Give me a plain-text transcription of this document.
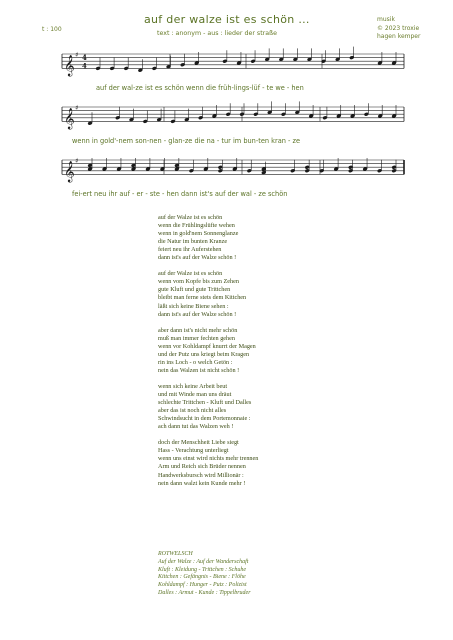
t : 100
auf der walze ist es schön ...
text : anonym - aus : lieder der straße
musik
© 2023 troxie
hagen kemper
𝄞
♯ 4
4
𝄞
♯
𝄞
♯
auf der wal-ze ist es schön wenn die früh-lings-lüf - te we - hen
wenn in gold'-nem son-nen - glan-ze die na - tur im bun-ten kran - ze
fei-ert neu ihr auf - er - ste - hen dann ist's auf der wal - ze schön
auf der Walze ist es schön
wenn die Frühlingslüfte wehen
wenn in gold'nem Sonnenglanze
die Natur im bunten Kranze
feiert neu ihr Auferstehen
dann ist's auf der Walze schön !
auf der Walze ist es schön
wenn vom Kopfe bis zum Zehen
gute Kluft und gute Trittchen
bleibt man ferne stets dem Kittchen
läßt sich keine Biene sehen :
dann ist's auf der Walze schön !
aber dann ist's nicht mehr schön
muß man immer fechten gehen
wenn vor Kohldampf knurrt der Magen
und der Putz uns kriegt beim Kragen
rin ins Loch - o welch Getön :
nein das Walzen ist nicht schön !
wenn sich keine Arbeit beut
und mit Winde man uns dräut
schlechte Trittchen - Kluft und Dalles
aber das ist noch nicht alles
Schwindsucht in dem Portemonnaie :
ach dann tut das Walzen weh !
doch der Menschheit Liebe siegt
Hass - Verachtung unterliegt
wenn uns einst wird nichts mehr trennen
Arm und Reich sich Brüder nennen
Handwerksbursch wird Millionär :
nein dann walzt kein Kunde mehr !
ROTWELSCH
Auf der Walze : Auf der Wanderschaft
Kluft : Kleidung - Trittchen : Schuhe
Kittchen : Gefängnis - Biene : Flöhe
Kohldampf : Hunger - Putz : Polizist
Dalles : Armut - Kunde : Tippelbruder
